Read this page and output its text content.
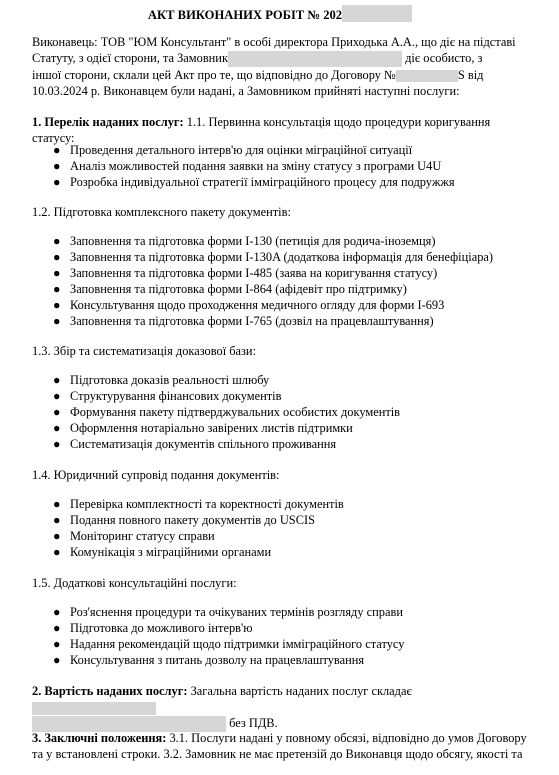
АКТ ВИКОНАНИХ РОБІТ № 202

Виконавець: ТОВ "ЮМ Консультант" в особі директора Приходька А.А., що діє на підставі

Статуту, з одієї сторони, та Замовник	діє особисто, з

іншої сторони, склали цей Акт про те, що відповідно до Договору №	S від

10.03.2024 р. Виконавцем були надані, а Замовником прийняті наступні послуги:

1. Перелік наданих послуг: 1.1. Первинна консультація щодо процедури коригування статусу:
● Проведення детального інтерв'ю для оцінки міграційної ситуації
● Аналіз можливостей подання заявки на зміну статусу з програми U4U
● Розробка індивідуальної стратегії імміграційного процесу для подружжя
1.2. Підготовка комплексного пакету документів:
● Заповнення та підготовка форми I-130 (петиція для родича-іноземця)
● Заповнення та підготовка форми I-130A (додаткова інформація для бенефіціара)
● Заповнення та підготовка форми I-485 (заява на коригування статусу)
● Заповнення та підготовка форми I-864 (афідевіт про підтримку)
● Консультування щодо проходження медичного огляду для форми I-693
● Заповнення та підготовка форми I-765 (дозвіл на працевлаштування)
1.3. Збір та систематизація доказової бази:
● Підготовка доказів реальності шлюбу
● Структурування фінансових документів
● Формування пакету підтверджувальних особистих документів
● Оформлення нотаріально завірених листів підтримки
● Систематизація документів спільного проживання
1.4. Юридичний супровід подання документів:
● Перевірка комплектності та коректності документів
● Подання повного пакету документів до USCIS
● Моніторинг статусу справи
● Комунікація з міграційними органами
1.5. Додаткові консультаційні послуги:
● Роз'яснення процедури та очікуваних термінів розгляду справи
● Підготовка до можливого інтерв'ю
● Надання рекомендацій щодо підтримки імміграційного статусу
● Консультування з питань дозволу на працевлаштування

2. Вартість наданих послуг: Загальна вартість наданих послуг складає

без ПДВ.

3. Заключні положення: 3.1. Послуги надані у повному обсязі, відповідно до умов Договору

та у встановлені строки. 3.2. Замовник не має претензій до Виконавця щодо обсягу, якості та
